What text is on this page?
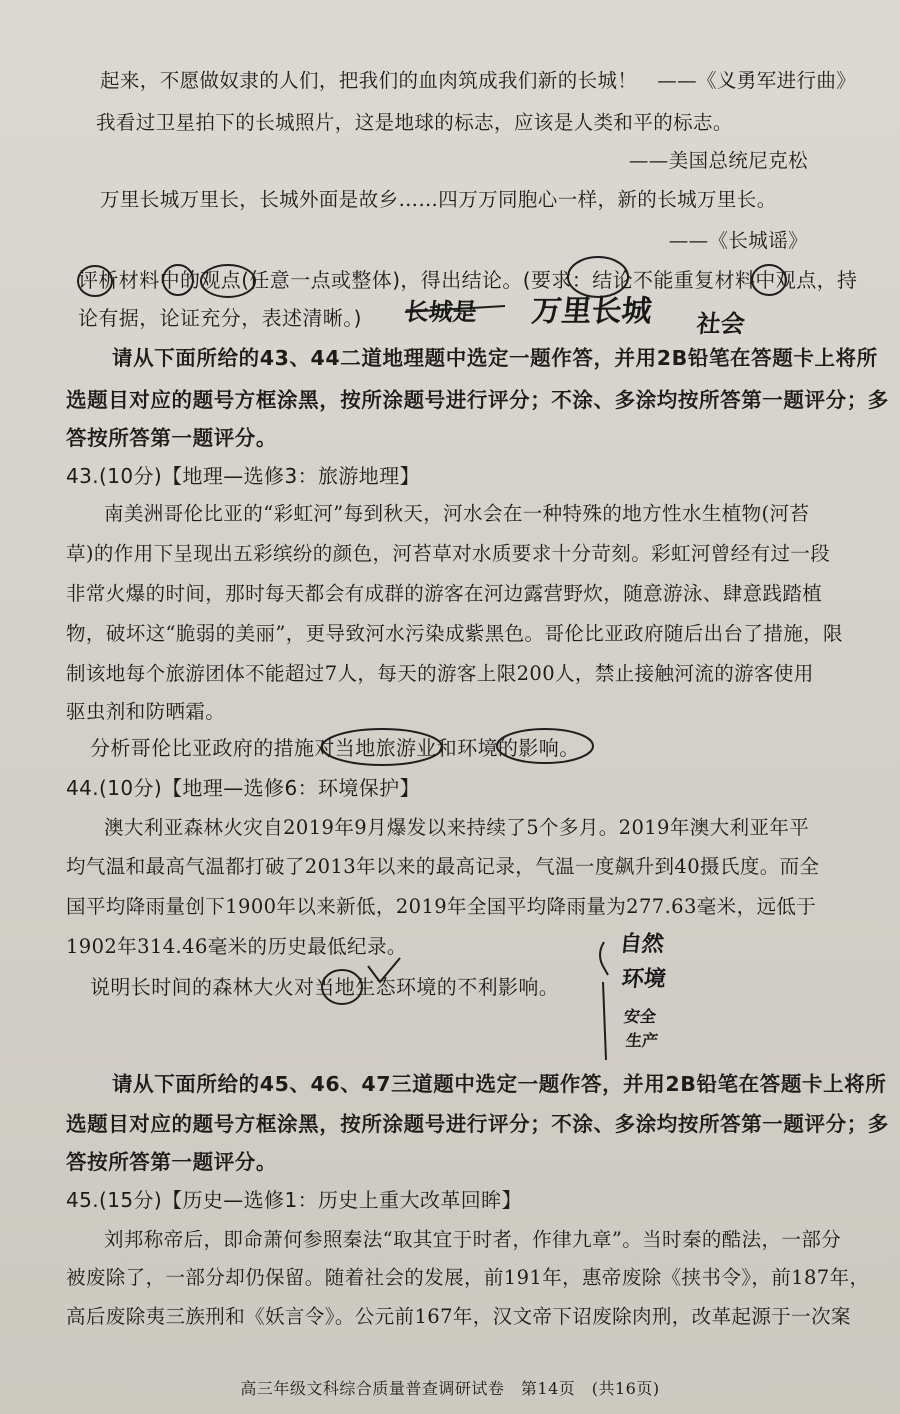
起来，不愿做奴隶的人们，把我们的血肉筑成我们新的长城！　——《义勇军进行曲》
我看过卫星拍下的长城照片，这是地球的标志，应该是人类和平的标志。
——美国总统尼克松
万里长城万里长，长城外面是故乡……四万万同胞心一样，新的长城万里长。
——《长城谣》
评析材料中的观点(任意一点或整体)，得出结论。(要求：结论不能重复材料中观点，持
论有据，论证充分，表述清晰。)
请从下面所给的43、44二道地理题中选定一题作答，并用2B铅笔在答题卡上将所
选题目对应的题号方框涂黑，按所涂题号进行评分；不涂、多涂均按所答第一题评分；多
答按所答第一题评分。
43.(10分)【地理—选修3：旅游地理】
南美洲哥伦比亚的“彩虹河”每到秋天，河水会在一种特殊的地方性水生植物(河苔
草)的作用下呈现出五彩缤纷的颜色，河苔草对水质要求十分苛刻。彩虹河曾经有过一段
非常火爆的时间，那时每天都会有成群的游客在河边露营野炊，随意游泳、肆意践踏植
物，破坏这“脆弱的美丽”，更导致河水污染成紫黑色。哥伦比亚政府随后出台了措施，限
制该地每个旅游团体不能超过7人，每天的游客上限200人，禁止接触河流的游客使用
驱虫剂和防晒霜。
分析哥伦比亚政府的措施对当地旅游业和环境的影响。
44.(10分)【地理—选修6：环境保护】
澳大利亚森林火灾自2019年9月爆发以来持续了5个多月。2019年澳大利亚年平
均气温和最高气温都打破了2013年以来的最高记录，气温一度飙升到40摄氏度。而全
国平均降雨量创下1900年以来新低，2019年全国平均降雨量为277.63毫米，远低于
1902年314.46毫米的历史最低纪录。
说明长时间的森林大火对当地生态环境的不利影响。
请从下面所给的45、46、47三道题中选定一题作答，并用2B铅笔在答题卡上将所
选题目对应的题号方框涂黑，按所涂题号进行评分；不涂、多涂均按所答第一题评分；多
答按所答第一题评分。
45.(15分)【历史—选修1：历史上重大改革回眸】
刘邦称帝后，即命萧何参照秦法“取其宜于时者，作律九章”。当时秦的酷法，一部分
被废除了，一部分却仍保留。随着社会的发展，前191年，惠帝废除《挟书令》，前187年，
高后废除夷三族刑和《妖言令》。公元前167年，汉文帝下诏废除肉刑，改革起源于一次案
长城是 万里长城 社会
自然
环境
安全
生产
高三年级文科综合质量普查调研试卷　第14页　(共16页)
